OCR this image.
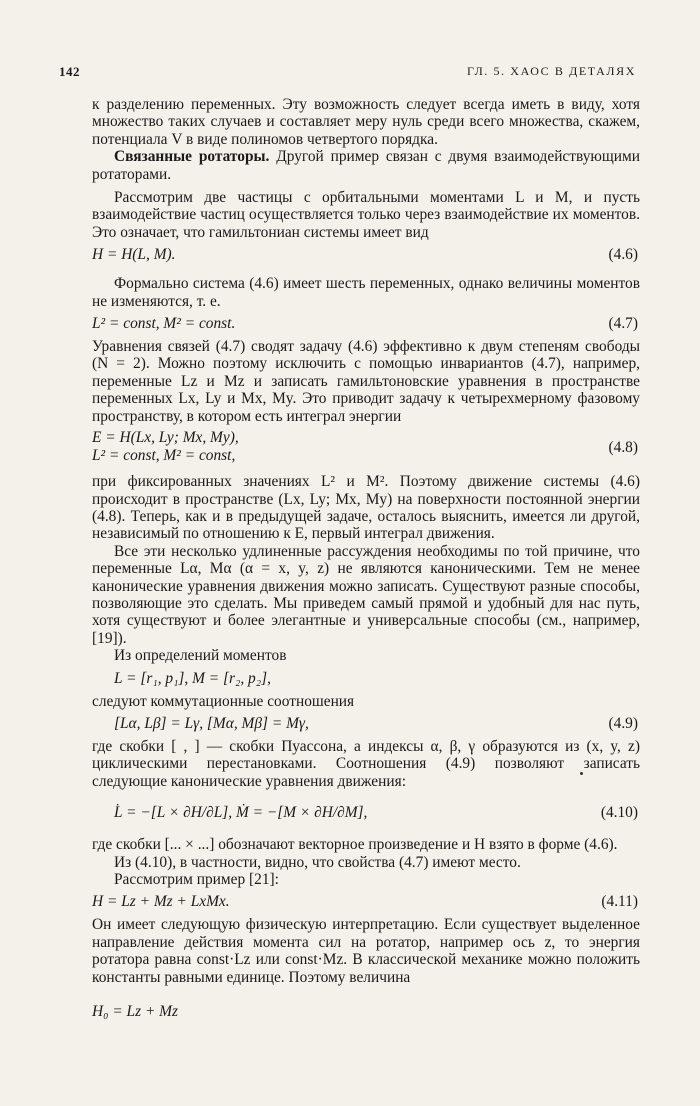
142	ГЛ. 5. ХАОС В ДЕТАЛЯХ

к разделению переменных. Эту возможность следует всегда иметь в виду, хотя множество таких случаев и составляет меру нуль среди всего множества, скажем, потенциала V в виде полиномов четвертого порядка.

Связанные ротаторы. Другой пример связан с двумя взаимодействующими ротаторами.

Рассмотрим две частицы с орбитальными моментами L и M, и пусть взаимодействие частиц осуществляется только через взаимодействие их моментов. Это означает, что гамильтониан системы имеет вид

H = H(L, M).	(4.6)

Формально система (4.6) имеет шесть переменных, однако величины моментов не изменяются, т. е.

L² = const, M² = const.	(4.7)

Уравнения связей (4.7) сводят задачу (4.6) эффективно к двум степеням свободы (N = 2). Можно поэтому исключить с помощью инвариантов (4.7), например, переменные Lz и Mz и записать гамильтоновские уравнения в пространстве переменных Lx, Ly и Mx, My. Это приводит задачу к четырехмерному фазовому пространству, в котором есть интеграл энергии

E = H(Lx, Ly; Mx, My),
L² = const, M² = const,	(4.8)

при фиксированных значениях L² и M². Поэтому движение системы (4.6) происходит в пространстве (Lx, Ly; Mx, My) на поверхности постоянной энергии (4.8). Теперь, как и в предыдущей задаче, осталось выяснить, имеется ли другой, независимый по отношению к E, первый интеграл движения.

Все эти несколько удлиненные рассуждения необходимы по той причине, что переменные Lα, Mα (α = x, y, z) не являются каноническими. Тем не менее канонические уравнения движения можно записать. Существуют разные способы, позволяющие это сделать. Мы приведем самый прямой и удобный для нас путь, хотя существуют и более элегантные и универсальные способы (см., например, [19]).

Из определений моментов

L = [r₁, p₁], M = [r₂, p₂],

следуют коммутационные соотношения

[Lα, Lβ] = Lγ, [Mα, Mβ] = Mγ,	(4.9)

где скобки [ , ] — скобки Пуассона, а индексы α, β, γ образуются из (x, y, z) циклическими перестановками. Соотношения (4.9) позволяют записать следующие канонические уравнения движения:

L̇ = −[L × ∂H/∂L], Ṁ = −[M × ∂H/∂M],	(4.10)

где скобки [... × ...] обозначают векторное произведение и H взято в форме (4.6).

Из (4.10), в частности, видно, что свойства (4.7) имеют место.

Рассмотрим пример [21]:

H = Lz + Mz + LxMx.	(4.11)

Он имеет следующую физическую интерпретацию. Если существует выделенное направление действия момента сил на ротатор, например ось z, то энергия ротатора равна const·Lz или const·Mz. В классической механике можно положить константы равными единице. Поэтому величина

H₀ = Lz + Mz
